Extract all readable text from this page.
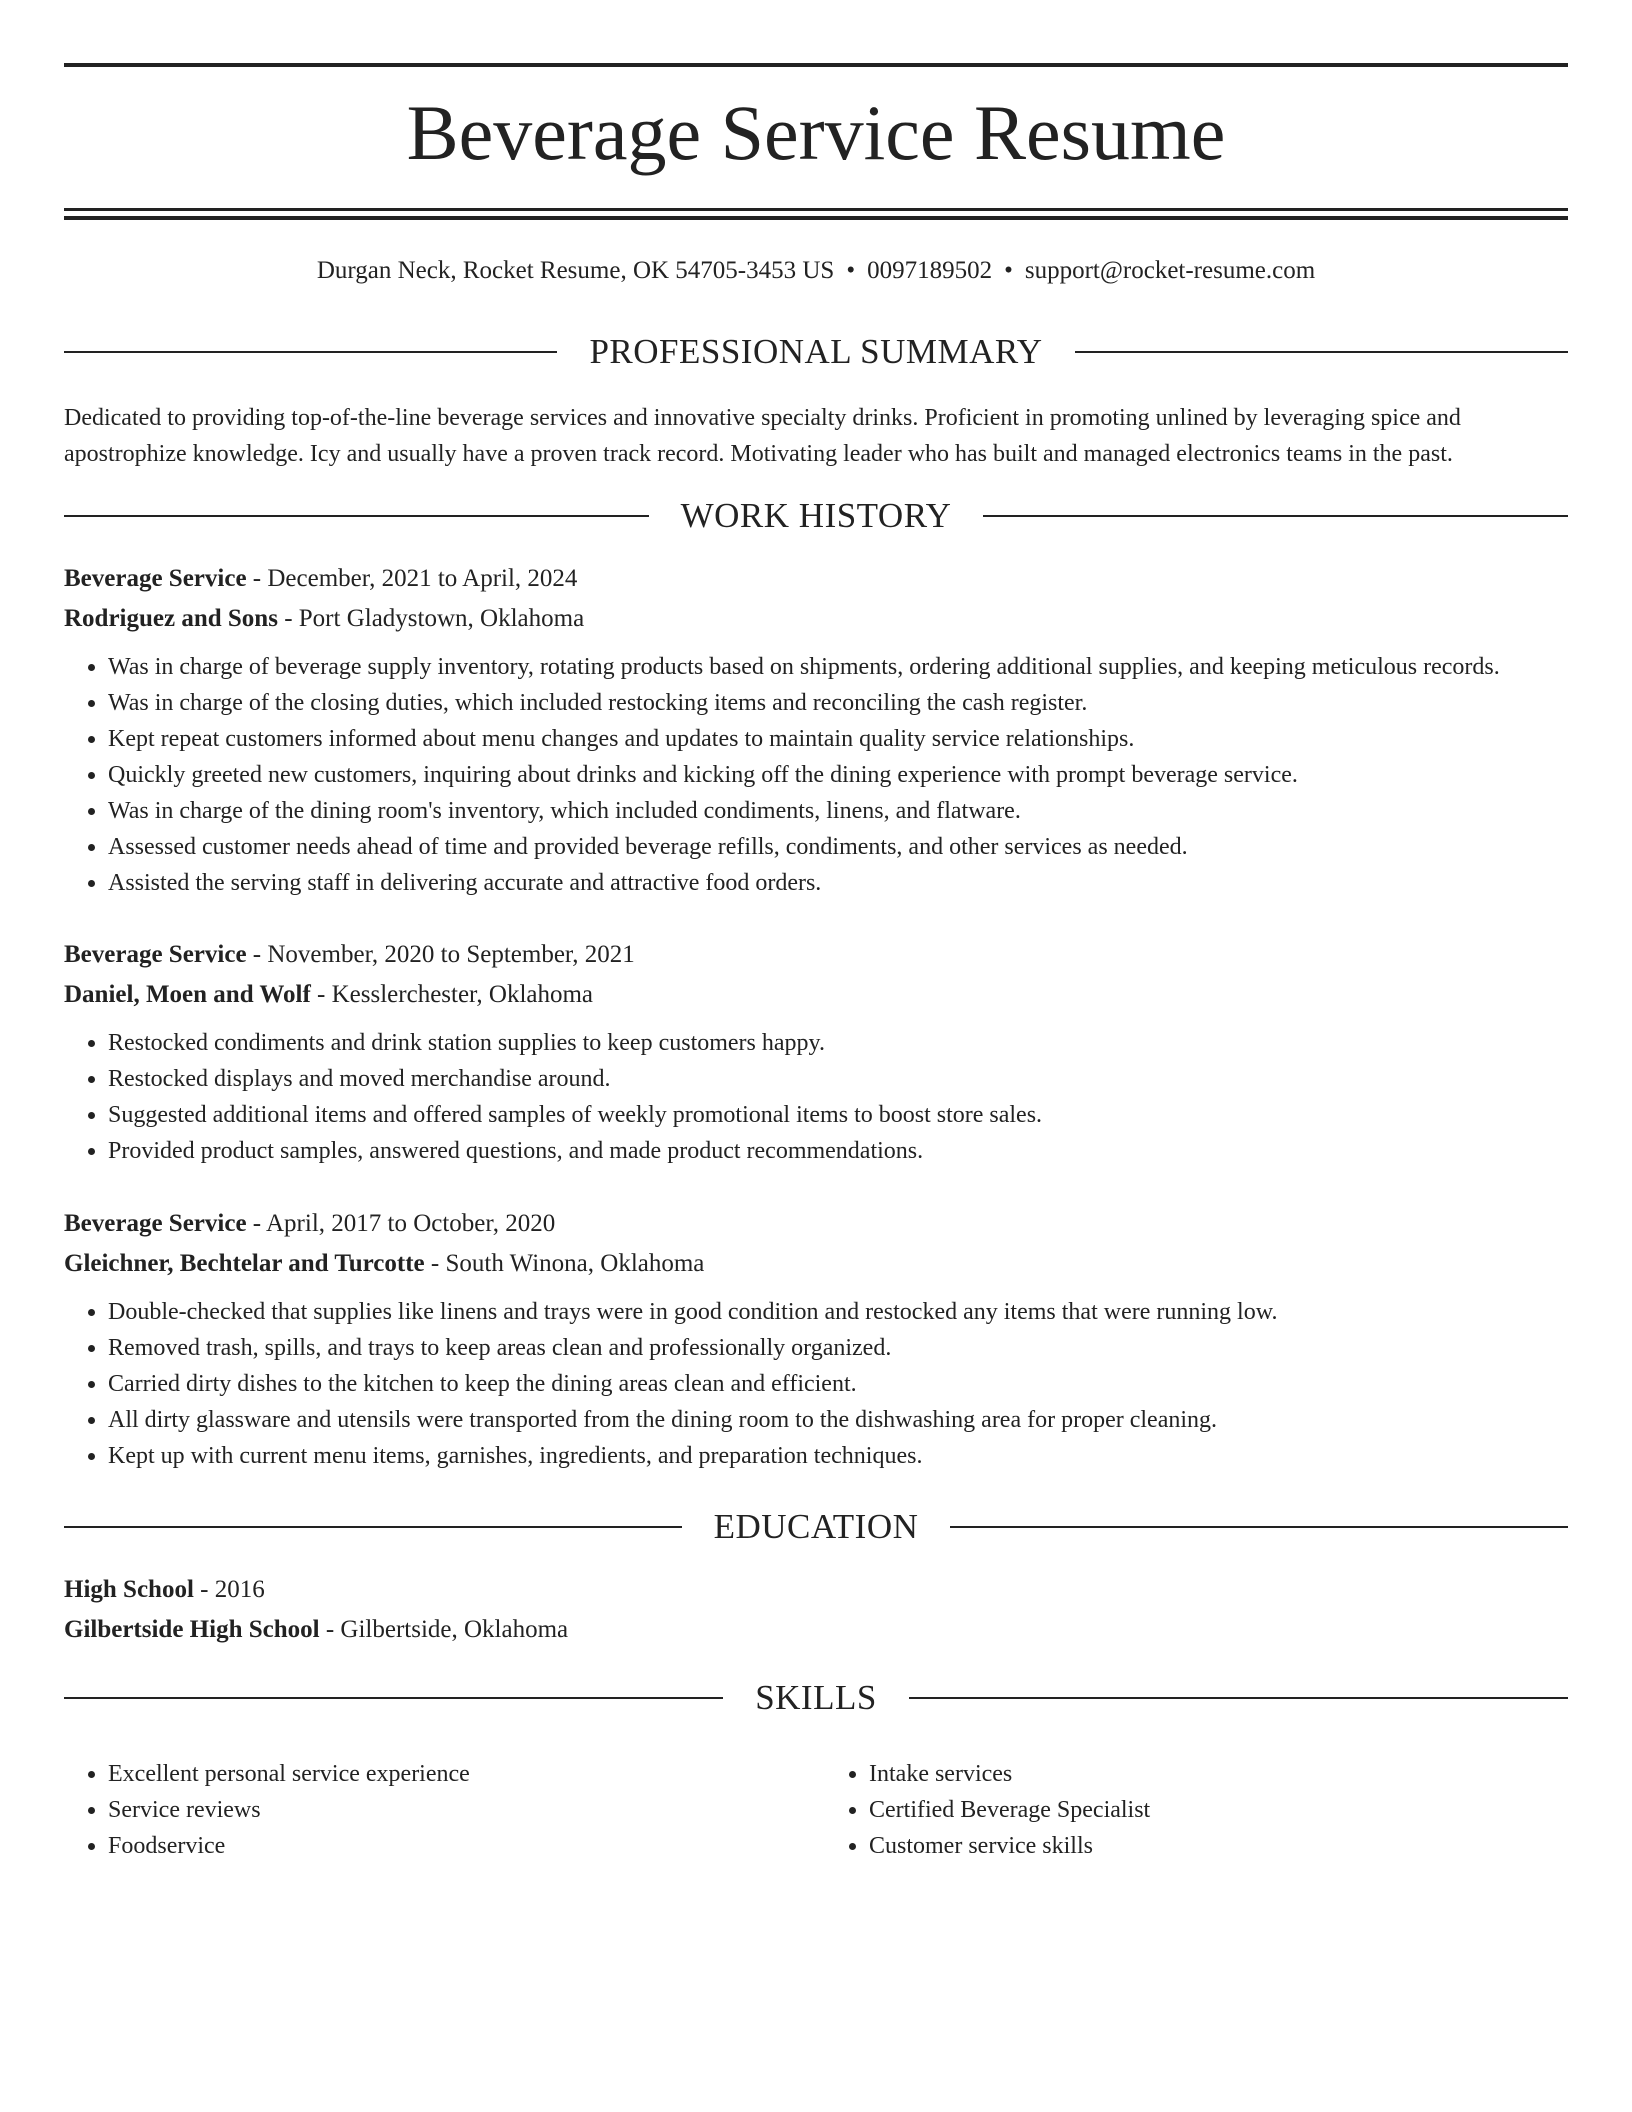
Beverage Service Resume
Durgan Neck, Rocket Resume, OK 54705-3453 US • 0097189502 • support@rocket-resume.com
PROFESSIONAL SUMMARY

Dedicated to providing top-of-the-line beverage services and innovative specialty drinks. Proficient in promoting unlined by leveraging spice and apostrophize knowledge. Icy and usually have a proven track record. Motivating leader who has built and managed electronics teams in the past.

WORK HISTORY
Beverage Service - December, 2021 to April, 2024
Rodriguez and Sons - Port Gladystown, Oklahoma
• Was in charge of beverage supply inventory, rotating products based on shipments, ordering additional supplies, and keeping meticulous records.
• Was in charge of the closing duties, which included restocking items and reconciling the cash register.
• Kept repeat customers informed about menu changes and updates to maintain quality service relationships.
• Quickly greeted new customers, inquiring about drinks and kicking off the dining experience with prompt beverage service.
• Was in charge of the dining room's inventory, which included condiments, linens, and flatware.
• Assessed customer needs ahead of time and provided beverage refills, condiments, and other services as needed.
• Assisted the serving staff in delivering accurate and attractive food orders.
Beverage Service - November, 2020 to September, 2021
Daniel, Moen and Wolf - Kesslerchester, Oklahoma
• Restocked condiments and drink station supplies to keep customers happy.
• Restocked displays and moved merchandise around.
• Suggested additional items and offered samples of weekly promotional items to boost store sales.
• Provided product samples, answered questions, and made product recommendations.
Beverage Service - April, 2017 to October, 2020
Gleichner, Bechtelar and Turcotte - South Winona, Oklahoma
• Double-checked that supplies like linens and trays were in good condition and restocked any items that were running low.
• Removed trash, spills, and trays to keep areas clean and professionally organized.
• Carried dirty dishes to the kitchen to keep the dining areas clean and efficient.
• All dirty glassware and utensils were transported from the dining room to the dishwashing area for proper cleaning.
• Kept up with current menu items, garnishes, ingredients, and preparation techniques.
EDUCATION
High School - 2016
Gilbertside High School - Gilbertside, Oklahoma
SKILLS
• Excellent personal service experience
• Service reviews
• Foodservice
• Intake services
• Certified Beverage Specialist
• Customer service skills
